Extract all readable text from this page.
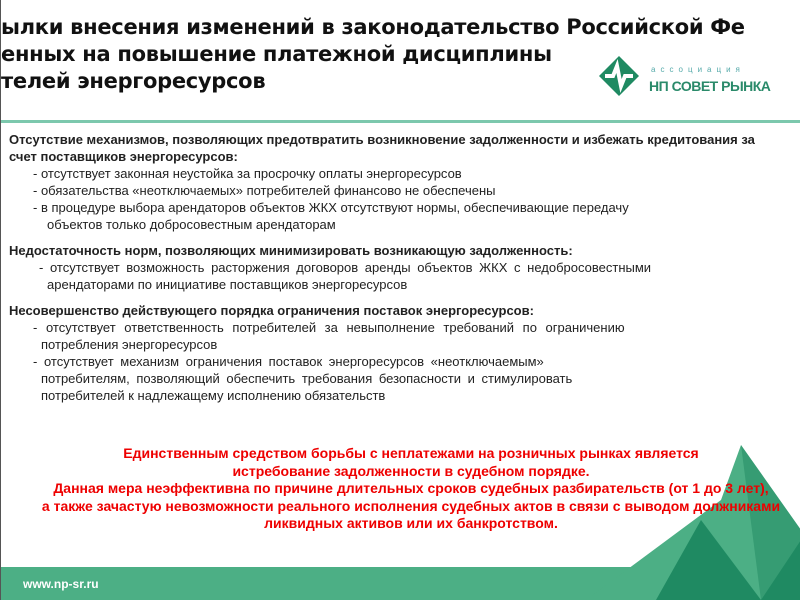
ылки внесения изменений в законодательство Российской Фе
енных на повышение платежной дисциплины
телей энергоресурсов	ассоциация
НП СОВЕТ РЫНКА
Отсутствие механизмов, позволяющих предотвратить возникновение задолженности и избежать кредитования за счет поставщиков энергоресурсов:
- отсутствует законная неустойка за просрочку оплаты энергоресурсов
- обязательства «неотключаемых» потребителей финансово не обеспечены
- в процедуре выбора арендаторов объектов ЖКХ отсутствуют нормы, обеспечивающие передачу
объектов только добросовестным арендаторам
Недостаточность норм, позволяющих минимизировать возникающую задолженность:
- отсутствует возможность расторжения договоров аренды объектов ЖКХ с недобросовестными
арендаторами по инициативе поставщиков энергоресурсов
Несовершенство действующего порядка ограничения поставок энергоресурсов:
- отсутствует ответственность потребителей за невыполнение требований по ограничению
потребления энергоресурсов
- отсутствует механизм ограничения поставок энергоресурсов «неотключаемым»
потребителям, позволяющий обеспечить требования безопасности и стимулировать
потребителей к надлежащему исполнению обязательств
Единственным средством борьбы с неплатежами на розничных рынках является
истребование задолженности в судебном порядке.
Данная мера неэффективна по причине длительных сроков судебных разбирательств (от 1 до 3 лет),
а также зачастую невозможности реального исполнения судебных актов в связи с выводом должниками ликвидных активов или их банкротством.
www.np-sr.ru
